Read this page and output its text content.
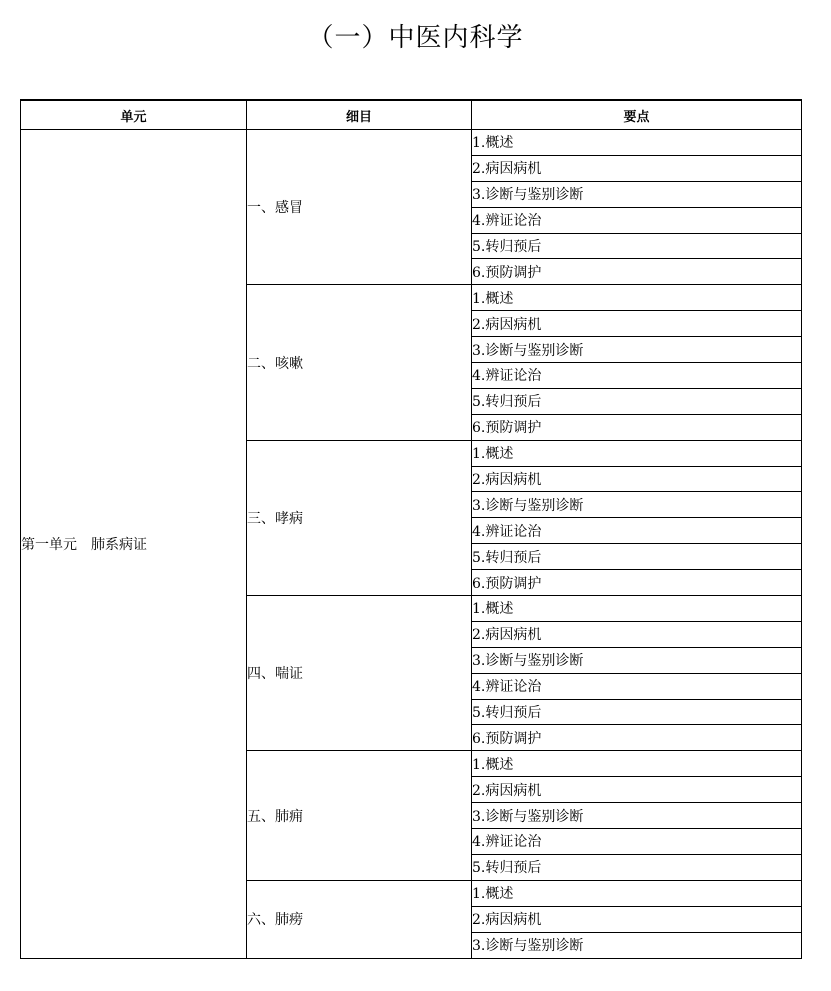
（一）中医内科学
单元	细目	要点
第一单元　肺系病证	一、感冒	1.概述
		2.病因病机
		3.诊断与鉴别诊断
		4.辨证论治
		5.转归预后
		6.预防调护
	二、咳嗽	1.概述
		2.病因病机
		3.诊断与鉴别诊断
		4.辨证论治
		5.转归预后
		6.预防调护
	三、哮病	1.概述
		2.病因病机
		3.诊断与鉴别诊断
		4.辨证论治
		5.转归预后
		6.预防调护
	四、喘证	1.概述
		2.病因病机
		3.诊断与鉴别诊断
		4.辨证论治
		5.转归预后
		6.预防调护
	五、肺痈	1.概述
		2.病因病机
		3.诊断与鉴别诊断
		4.辨证论治
		5.转归预后
	六、肺痨	1.概述
		2.病因病机
		3.诊断与鉴别诊断
